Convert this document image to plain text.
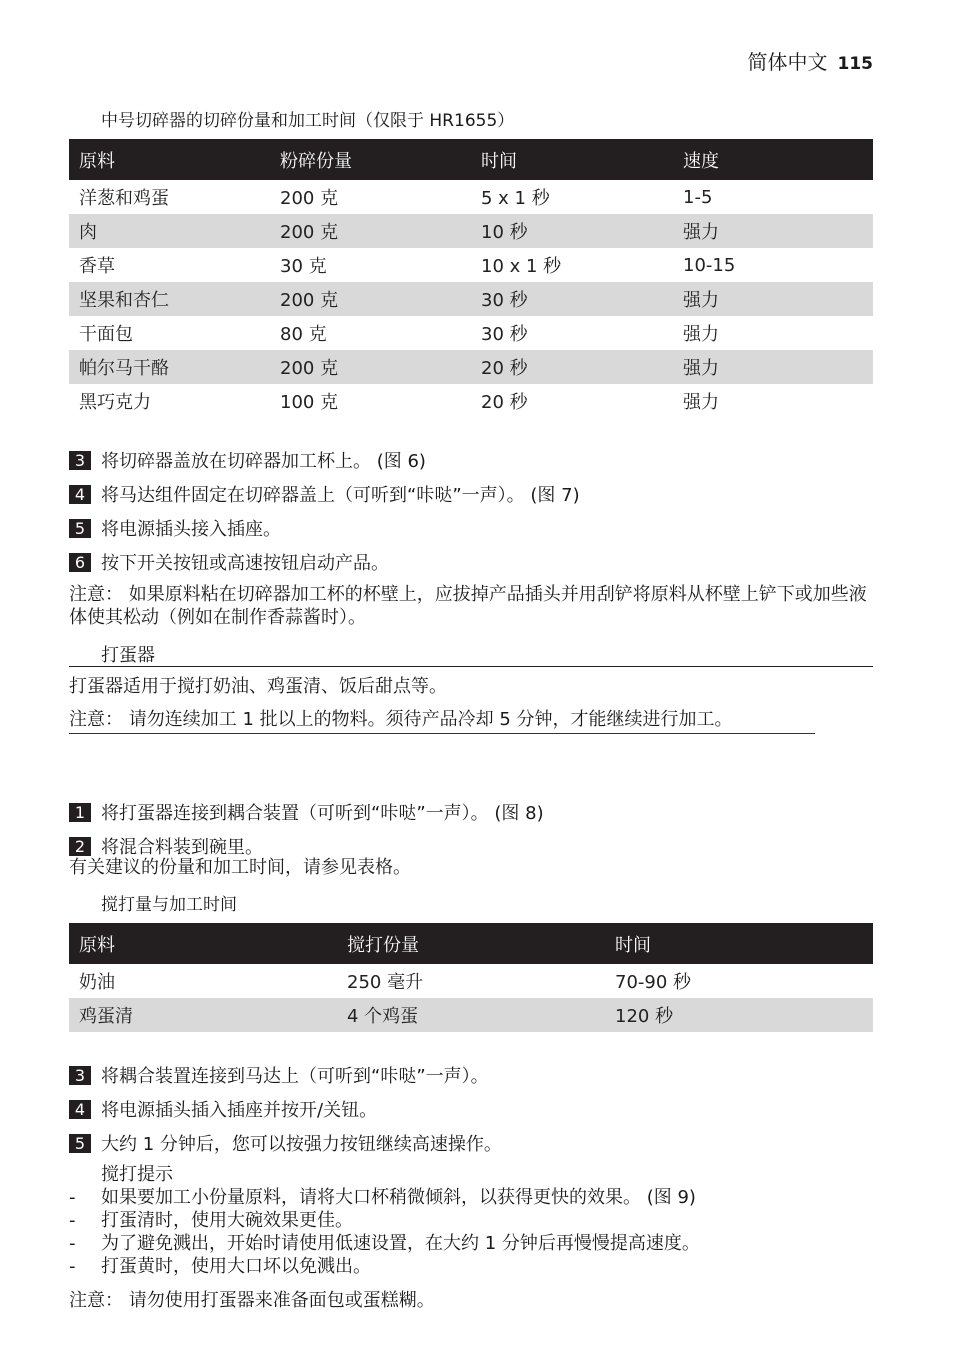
简体中文 115
中号切碎器的切碎份量和加工时间（仅限于 HR1655）
原料	粉碎份量	时间	速度
洋葱和鸡蛋	200 克	5 x 1 秒	1-5
肉	200 克	10 秒	强力
香草	30 克	10 x 1 秒	10-15
坚果和杏仁	200 克	30 秒	强力
干面包	80 克	30 秒	强力
帕尔马干酪	200 克	20 秒	强力
黑巧克力	100 克	20 秒	强力
3 将切碎器盖放在切碎器加工杯上。 (图 6)
4 将马达组件固定在切碎器盖上（可听到“咔哒”一声）。 (图 7)
5 将电源插头接入插座。
6 按下开关按钮或高速按钮启动产品。
注意： 如果原料粘在切碎器加工杯的杯壁上，应拔掉产品插头并用刮铲将原料从杯壁上铲下或加些液体使其松动（例如在制作香蒜酱时）。
打蛋器
打蛋器适用于搅打奶油、鸡蛋清、饭后甜点等。
注意： 请勿连续加工 1 批以上的物料。须待产品冷却 5 分钟，才能继续进行加工。
1 将打蛋器连接到耦合装置（可听到“咔哒”一声）。 (图 8)
2 将混合料装到碗里。
有关建议的份量和加工时间，请参见表格。
搅打量与加工时间
原料	搅打份量	时间
奶油	250 毫升	70-90 秒
鸡蛋清	4 个鸡蛋	120 秒
3 将耦合装置连接到马达上（可听到“咔哒”一声）。
4 将电源插头插入插座并按开/关钮。
5 大约 1 分钟后，您可以按强力按钮继续高速操作。
搅打提示
-	如果要加工小份量原料，请将大口杯稍微倾斜，以获得更快的效果。 (图 9)
-	打蛋清时，使用大碗效果更佳。
-	为了避免溅出，开始时请使用低速设置，在大约 1 分钟后再慢慢提高速度。
-	打蛋黄时，使用大口坏以免溅出。
注意： 请勿使用打蛋器来准备面包或蛋糕糊。
